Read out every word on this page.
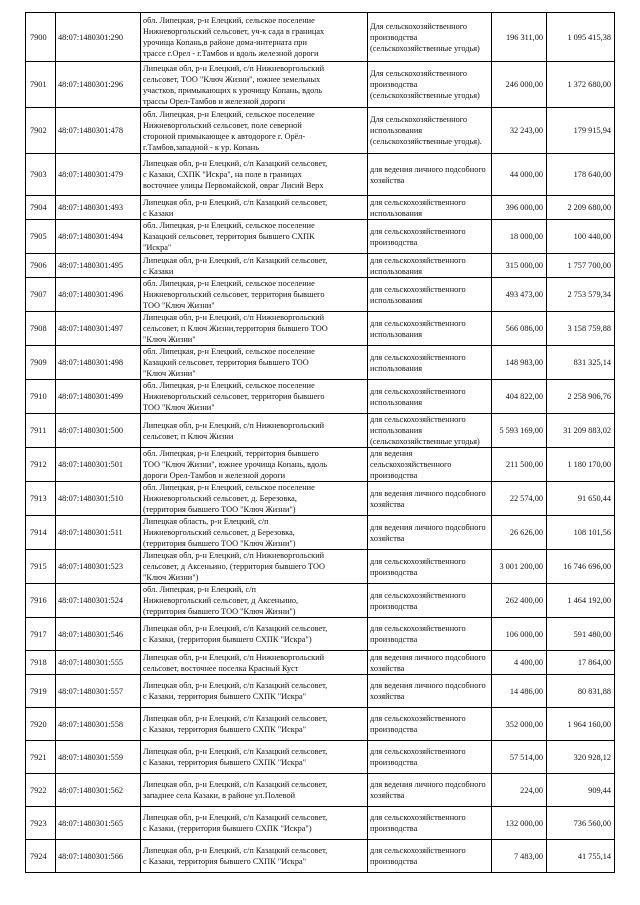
7900	48:07:1480301:290	обл. Липецкая, р-н Елецкий, сельское поселение
Нижневоргольский сельсовет, уч-к сада в границах
урочища Копань,в районе дома-интерната при
трассе г.Орел - г.Тамбов и вдоль железной дороги	Для сельскохозяйственного
производства
(сельскохозяйственные угодья)	196 311,00	1 095 415,38
7901	48:07:1480301:296	Липецкая обл, р-н Елецкий, с/п Нижневоргольский
сельсовет, ТОО "Ключ Жизни", южнее земельных
участков, примыкающих к урочищу Копань, вдоль
трассы Орел-Тамбов и железной дороги	Для сельскохозяйственного
производства
(сельскохозяйственные угодья)	246 000,00	1 372 680,00
7902	48:07:1480301:478	обл. Липецкая, р-н Елецкий, сельское поселение
Нижневоргольский сельсовет, поле северной
стороной примыкающее к автодороге г. Орёл-
г.Тамбов,западной - к ур. Копань	Для сельскохозяйственного
использования
(сельскохозяйственные угодья).	32 243,00	179 915,94
7903	48:07:1480301:479	Липецкая обл, р-н Елецкий, с/п Казацкий сельсовет,
с Казаки, СХПК "Искра", на поле в границах
восточнее улицы Первомайской, овраг Лисий Верх	для ведения личного подсобного
хозяйства	44 000,00	178 640,00
7904	48:07:1480301:493	Липецкая обл, р-н Елецкий, с/п Казацкий сельсовет,
с Казаки	для сельскохозяйственного
использования	396 000,00	2 209 680,00
7905	48:07:1480301:494	обл. Липецкая, р-н Елецкий, сельское поселение
Казацкий сельсовет, территория бывшего СХПК
"Искра"	для сельскохозяйственного
производства	18 000,00	100 440,00
7906	48:07:1480301:495	Липецкая обл, р-н Елецкий, с/п Казацкий сельсовет,
с Казаки	для сельскохозяйственного
использования	315 000,00	1 757 700,00
7907	48:07:1480301:496	обл. Липецкая, р-н Елецкий, сельское поселение
Нижневоргольский сельсовет, территория бывшего
ТОО "Ключ Жизни"	для сельскохозяйственного
использования	493 473,00	2 753 579,34
7908	48:07:1480301:497	Липецкая обл, р-н Елецкий, с/п Нижневоргольский
сельсовет, п Ключ Жизни,территория бывшего ТОО
"Ключ Жизни"	для сельскохозяйственного
использования	566 086,00	3 158 759,88
7909	48:07:1480301:498	обл. Липецкая, р-н Елецкий, сельское поселение
Казацкий сельсовет, территория бывшего ТОО
"Ключ Жизни"	для сельскохозяйственного
использования	148 983,00	831 325,14
7910	48:07:1480301:499	обл. Липецкая, р-н Елецкий, сельское поселение
Нижневоргольский сельсовет, территория бывшего
ТОО "Ключ Жизни"	для сельскохозяйственного
использования	404 822,00	2 258 906,76
7911	48:07:1480301:500	Липецкая обл, р-н Елецкий, с/п Нижневоргольский
сельсовет, п Ключ Жизни	для сельскохозяйственного
использования
(сельскохозяйственные угодья)	5 593 169,00	31 209 883,02
7912	48:07:1480301:501	обл. Липецкая, р-н Елецкий, территория бывшего
ТОО "Ключ Жизни", южнее урочища Копань, вдоль
дороги Орел-Тамбов и железной дороги	для ведения
сельскохозяйственного
производства	211 500,00	1 180 170,00
7913	48:07:1480301:510	обл. Липецкая, р-н Елецкий, сельское поселение
Нижневоргольский сельсовет, д. Березовка,
(территория бывшего ТОО "Ключ Жизни")	для ведения личного подсобного
хозяйства	22 574,00	91 650,44
7914	48:07:1480301:511	Липецкая область, р-н Елецкий, с/п
Нижневоргольский сельсовет, д Березовка,
(территория бывшего ТОО "Ключ Жизни")	для ведения личного подсобного
хозяйства	26 626,00	108 101,56
7915	48:07:1480301:523	Липецкая обл, р-н Елецкий, с/п Нижневоргольский
сельсовет, д Аксеньино, (территория бывшего ТОО
"Ключ Жизни")	для сельскохозяйственного
производства	3 001 200,00	16 746 696,00
7916	48:07:1480301:524	обл. Липецкая, р-н Елецкий, с/п
Нижневоргольский сельсовет, д Аксеньино,
(территория бывшего ТОО "Ключ Жизни")	для сельскохозяйственного
производства	262 400,00	1 464 192,00
7917	48:07:1480301:546	Липецкая обл, р-н Елецкий, с/п Казацкий сельсовет,
с Казаки, (территория бывшего СХПК "Искра")	для сельскохозяйственного
производства	106 000,00	591 480,00
7918	48:07:1480301:555	Липецкая обл, р-н Елецкий, с/п Нижневоргольский
сельсовет, восточнее поселка Красный Куст	для ведения личного подсобного
хозяйства	4 400,00	17 864,00
7919	48:07:1480301:557	Липецкая обл, р-н Елецкий, с/п Казацкий сельсовет,
с Казаки, территория бывшего СХПК "Искра"	для ведения личного подсобного
хозяйства	14 486,00	80 831,88
7920	48:07:1480301:558	Липецкая обл, р-н Елецкий, с/п Казацкий сельсовет,
с Казаки, территория бывшего СХПК "Искра"	для сельскохозяйственного
производства	352 000,00	1 964 160,00
7921	48:07:1480301:559	Липецкая обл, р-н Елецкий, с/п Казацкий сельсовет,
с Казаки, территория бывшего СХПК "Искра"	для сельскохозяйственного
производства	57 514,00	320 928,12
7922	48:07:1480301:562	Липецкая обл, р-н Елецкий, с/п Казацкий сельсовет,
западнее села Казаки, в районе ул.Полевой	для ведения личного подсобного
хозяйства	224,00	909,44
7923	48:07:1480301:565	Липецкая обл, р-н Елецкий, с/п Казацкий сельсовет,
с Казаки, (территория бывшего СХПК "Искра")	для сельскохозяйственного
производства	132 000,00	736 560,00
7924	48:07:1480301:566	Липецкая обл, р-н Елецкий, с/п Казацкий сельсовет,
с Казаки, территория бывшего СХПК "Искра"	для сельскохозяйственного
производства	7 483,00	41 755,14
